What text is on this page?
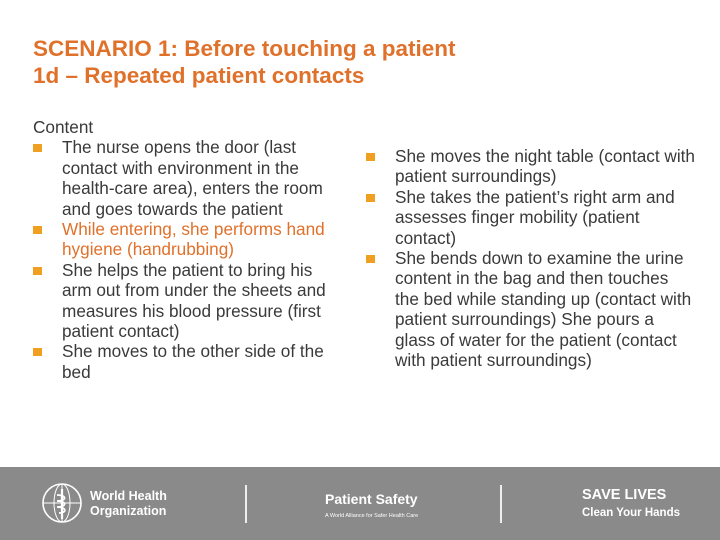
SCENARIO 1: Before touching a patient
1d – Repeated patient contacts
Content
The nurse opens the door (last contact with environment in the health-care area), enters the room and goes towards the patient
While entering, she performs hand hygiene (handrubbing)
She helps the patient to bring his arm out from under the sheets and measures his blood pressure (first patient contact)
She moves to the other side of the bed
She moves the night table (contact with patient surroundings)
She takes the patient’s right arm and assesses finger mobility (patient contact)
She bends down to examine the urine content in the bag and then touches the bed while standing up (contact with patient surroundings) She pours a glass of water for the patient (contact with patient surroundings)
World Health
Organization
Patient Safety
A World Alliance for Safer Health Care
SAVE LIVES
Clean Your Hands
